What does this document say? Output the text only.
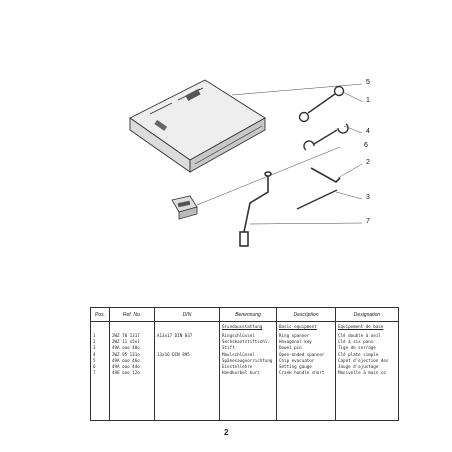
5
1
4
6
2
3
7
Pos.	Ref. No.	DIN	Benennung	Description	Designation
			Grundausstattung	Basic equipment	Equipement de base
1	2WZ 70 1317	A13x17 DIN 837	Ringschlüssel	Ring spanner	Clé double à oeil
2	2WZ 11 x5o1		Sechskantstiftschl.	Hexagonal key	Clé à six pans
3	49A ooo 48o		Stift	Dowel pin	Tige de serrage
4	2WZ 95 131o	13x16 DIN 895	Maulschlüssel	Open-ended spanner	Clé plate simple
5	49A ooo 46o		Spänesaugvorrichtung	Chip evacuator	Capot d'ejection des
6	49A ooo 44o		Einstellehre	Setting gauge	Jauge d'ajustage
7	49E ooo 12o		Handkurbel kurz	Crank handle short	Manivelle à main co

2
